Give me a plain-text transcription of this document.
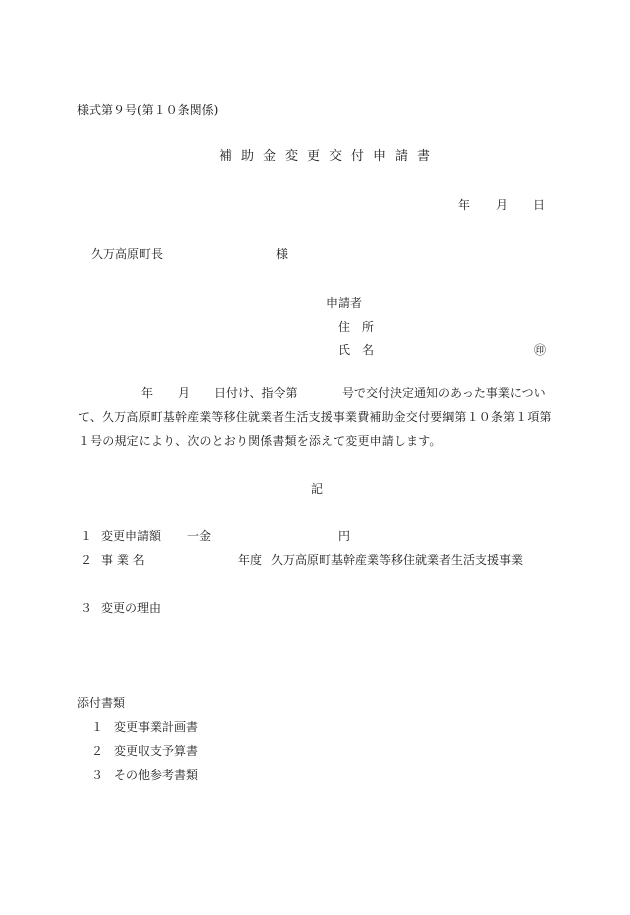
様式第９号(第１０条関係)

補助金変更交付申請書

年 月 日
久万高原町長	様
申請者
住　所
氏　名	㊞
年 月 日付け、指令第	号で交付決定通知のあった事業につい
て、久万高原町基幹産業等移住就業者生活支援事業費補助金交付要綱第１０条第１項第
１号の規定により、次のとおり関係書類を添えて変更申請します。

記

１ 変更申請額 一金	円
２ 事 業 名	年度 久万高原町基幹産業等移住就業者生活支援事業
３ 変更の理由
添付書類
１ 変更事業計画書
２ 変更収支予算書
３ その他参考書類
